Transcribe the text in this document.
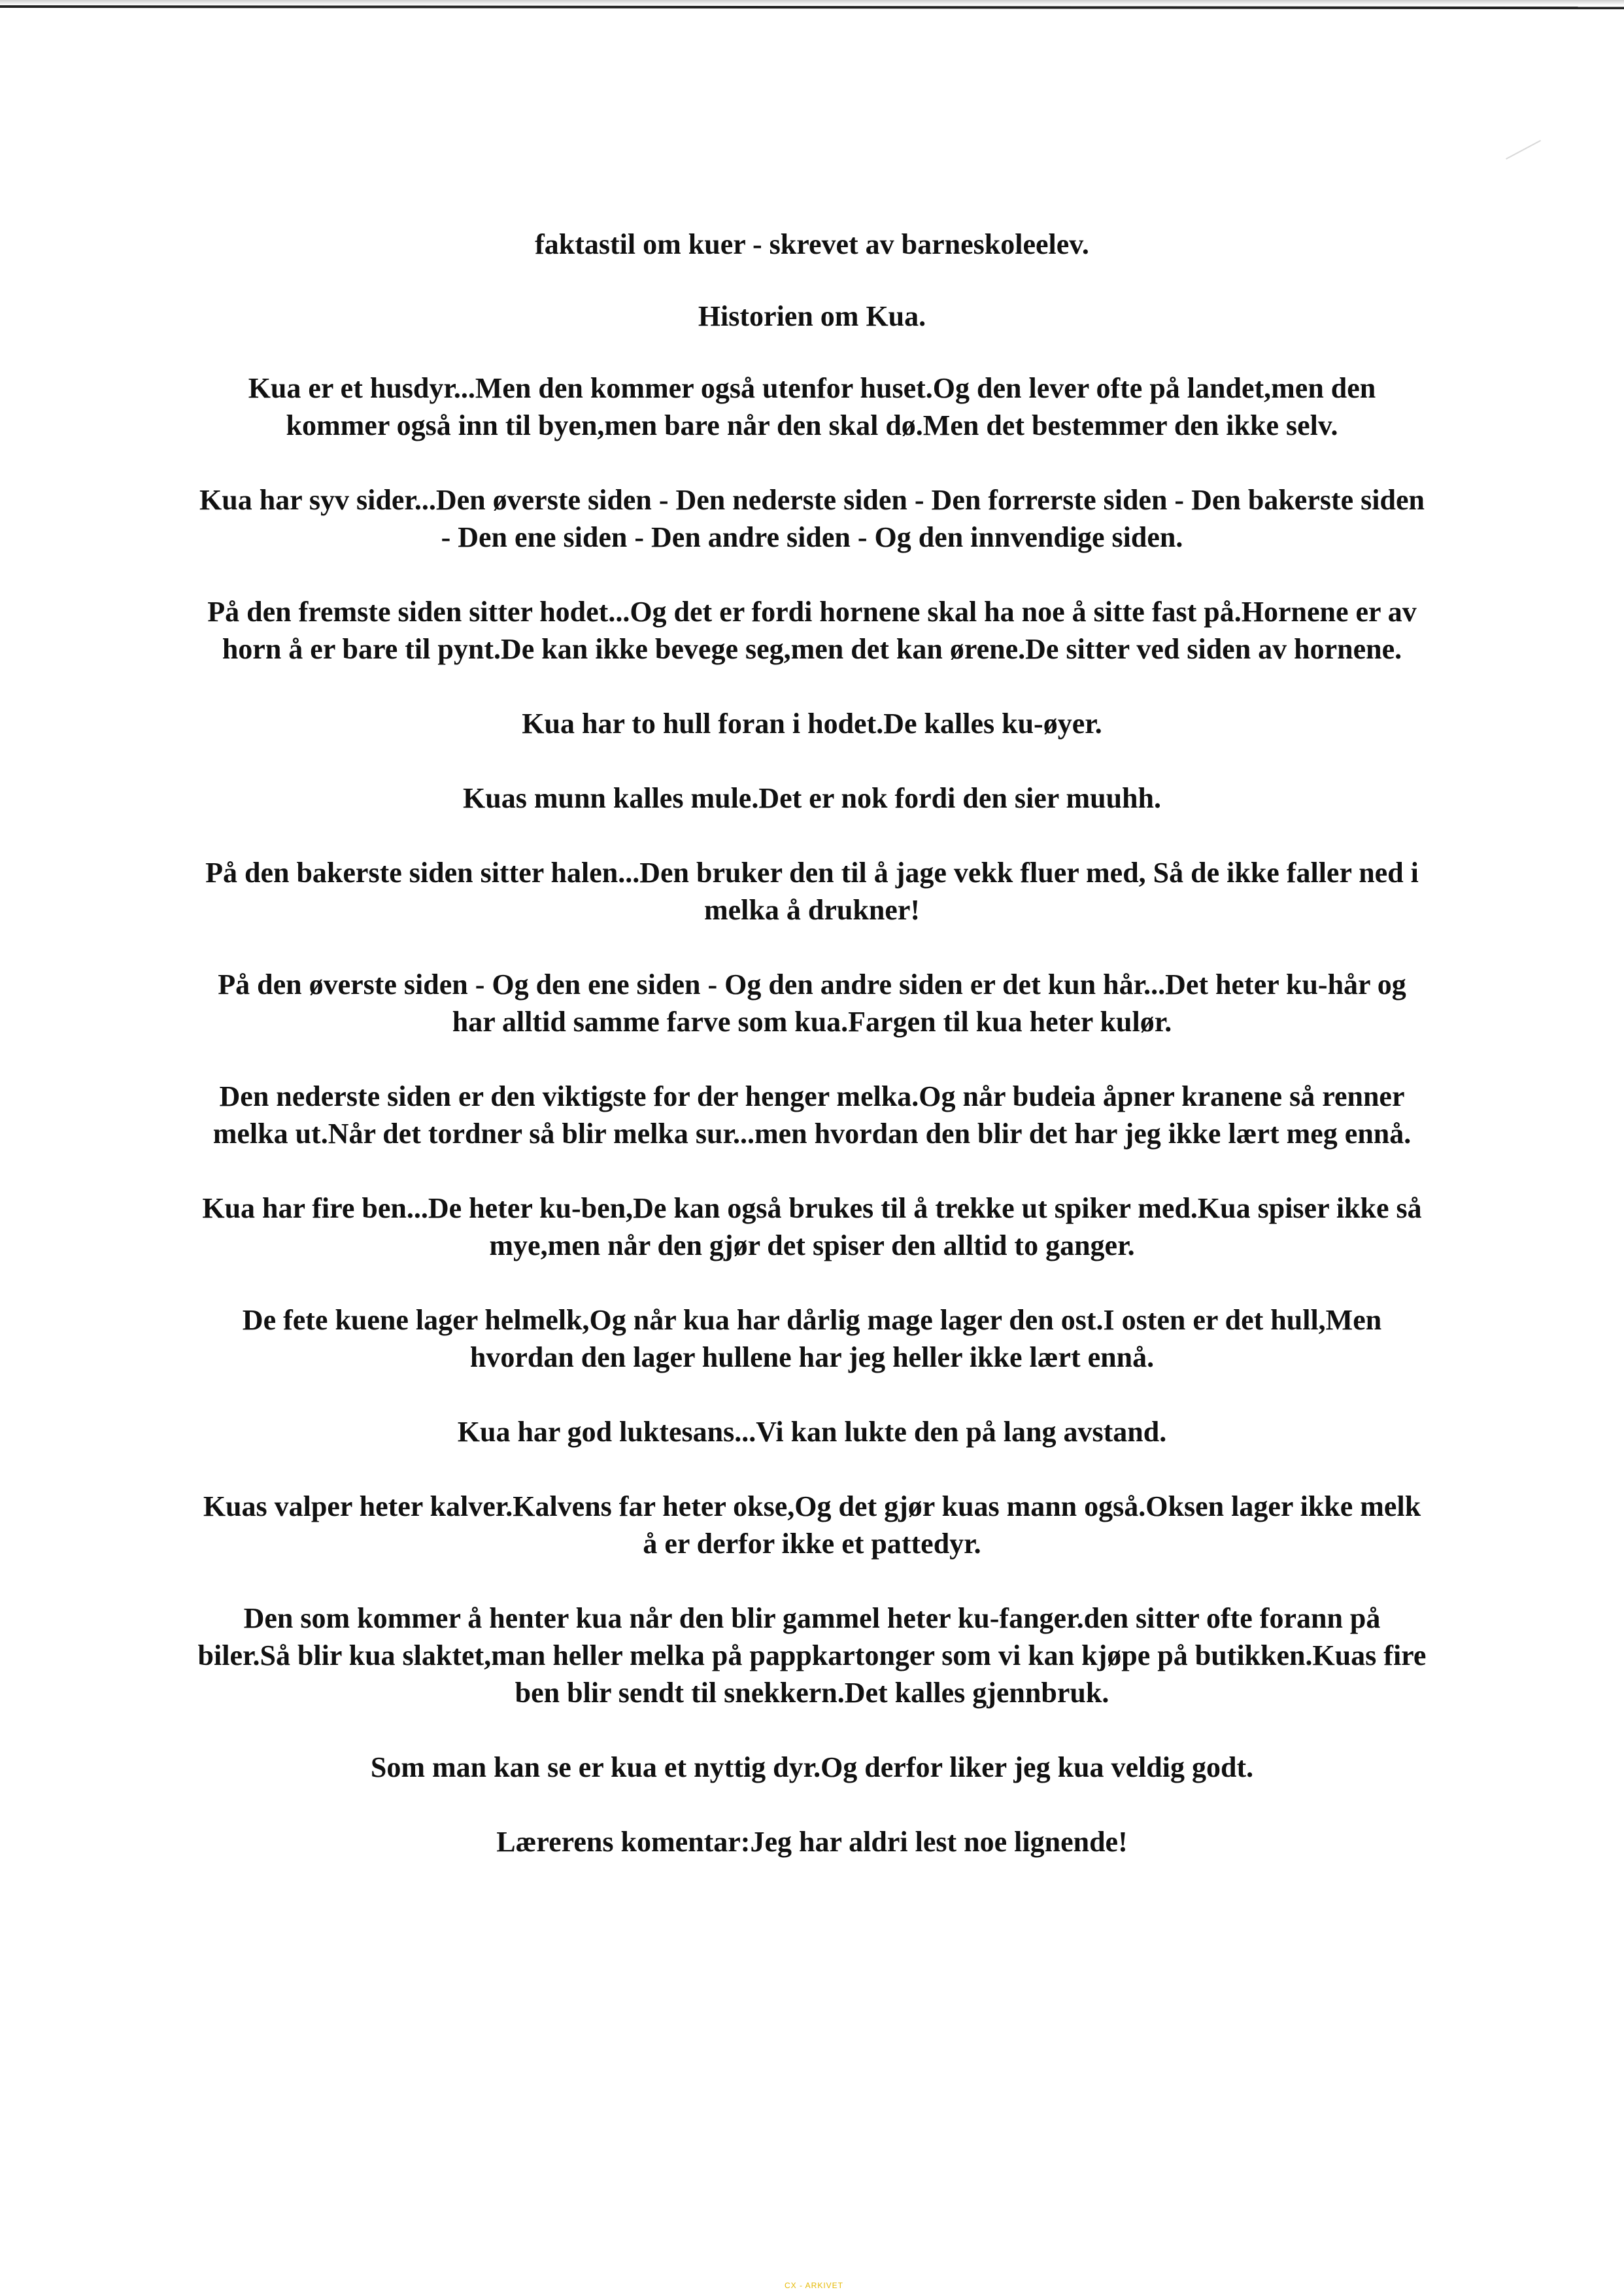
faktastil om kuer - skrevet av barneskoleelev.

Historien om Kua.

Kua er et husdyr...Men den kommer også utenfor huset.Og den lever ofte på landet,men den kommer også inn til byen,men bare når den skal dø.Men det bestemmer den ikke selv.

Kua har syv sider...Den øverste siden - Den nederste siden - Den forrerste siden - Den bakerste siden - Den ene siden - Den andre siden - Og den innvendige siden.

På den fremste siden sitter hodet...Og det er fordi hornene skal ha noe å sitte fast på.Hornene er av horn å er bare til pynt.De kan ikke bevege seg,men det kan ørene.De sitter ved siden av hornene.

Kua har to hull foran i hodet.De kalles ku-øyer.

Kuas munn kalles mule.Det er nok fordi den sier muuhh.

På den bakerste siden sitter halen...Den bruker den til å jage vekk fluer med, Så de ikke faller ned i melka å drukner!

På den øverste siden - Og den ene siden - Og den andre siden er det kun hår...Det heter ku-hår og har alltid samme farve som kua.Fargen til kua heter kulør.

Den nederste siden er den viktigste for der henger melka.Og når budeia åpner kranene så renner melka ut.Når det tordner så blir melka sur...men hvordan den blir det har jeg ikke lært meg ennå.

Kua har fire ben...De heter ku-ben,De kan også brukes til å trekke ut spiker med.Kua spiser ikke så mye,men når den gjør det spiser den alltid to ganger.

De fete kuene lager helmelk,Og når kua har dårlig mage lager den ost.I osten er det hull,Men hvordan den lager hullene har jeg heller ikke lært ennå.

Kua har god luktesans...Vi kan lukte den på lang avstand.

Kuas valper heter kalver.Kalvens far heter okse,Og det gjør kuas mann også.Oksen lager ikke melk å er derfor ikke et pattedyr.

Den som kommer å henter kua når den blir gammel heter ku-fanger.den sitter ofte forann på biler.Så blir kua slaktet,man heller melka på pappkartonger som vi kan kjøpe på butikken.Kuas fire ben blir sendt til snekkern.Det kalles gjennbruk.

Som man kan se er kua et nyttig dyr.Og derfor liker jeg kua veldig godt.

Lærerens komentar:Jeg har aldri lest noe lignende!

CX - ARKIVET
